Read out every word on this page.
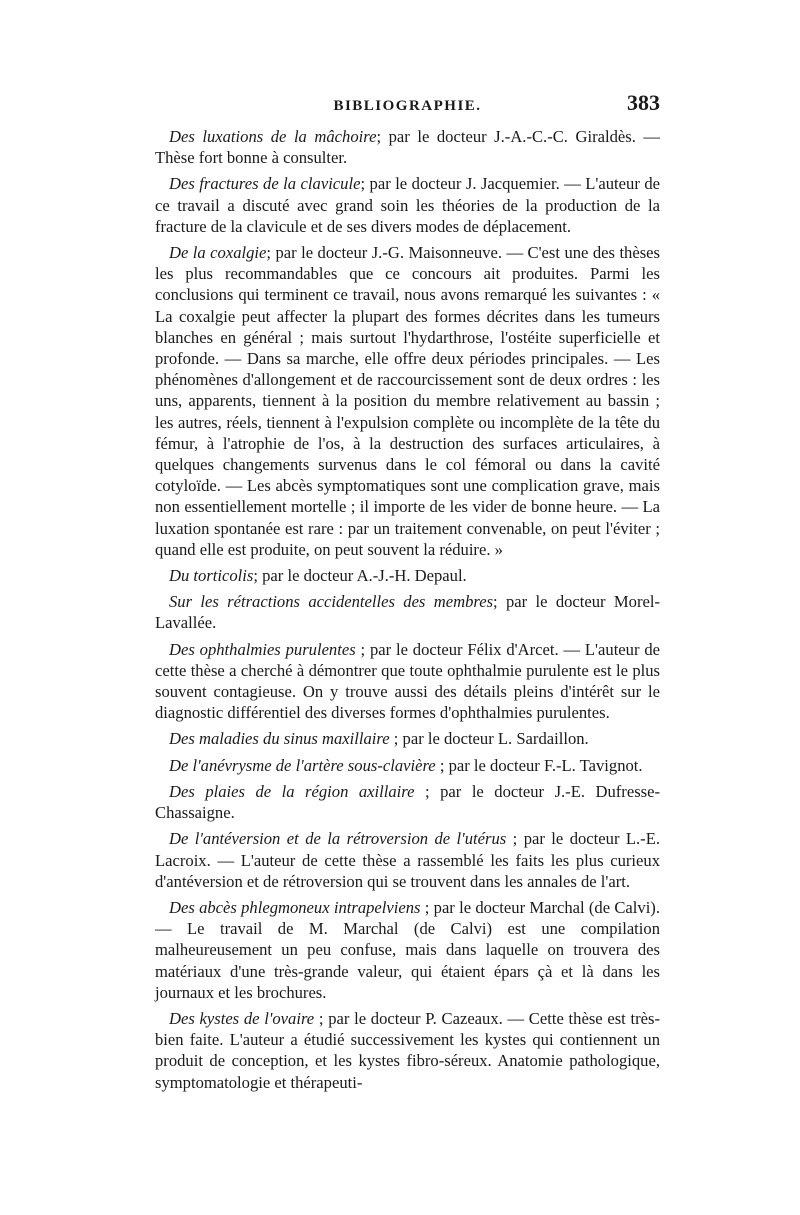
BIBLIOGRAPHIE.	383

Des luxations de la mâchoire; par le docteur J.-A.-C.-C. Giraldès. — Thèse fort bonne à consulter.

Des fractures de la clavicule; par le docteur J. Jacquemier. — L'auteur de ce travail a discuté avec grand soin les théories de la production de la fracture de la clavicule et de ses divers modes de déplacement.

De la coxalgie; par le docteur J.-G. Maisonneuve. — C'est une des thèses les plus recommandables que ce concours ait produites. Parmi les conclusions qui terminent ce travail, nous avons remarqué les suivantes : « La coxalgie peut affecter la plupart des formes décrites dans les tumeurs blanches en général ; mais surtout l'hydarthrose, l'ostéite superficielle et profonde. — Dans sa marche, elle offre deux périodes principales. — Les phénomènes d'allongement et de raccourcissement sont de deux ordres : les uns, apparents, tiennent à la position du membre relativement au bassin ; les autres, réels, tiennent à l'expulsion complète ou incomplète de la tête du fémur, à l'atrophie de l'os, à la destruction des surfaces articulaires, à quelques changements survenus dans le col fémoral ou dans la cavité cotyloïde. — Les abcès symptomatiques sont une complication grave, mais non essentiellement mortelle ; il importe de les vider de bonne heure. — La luxation spontanée est rare : par un traitement convenable, on peut l'éviter ; quand elle est produite, on peut souvent la réduire. »

Du torticolis; par le docteur A.-J.-H. Depaul.

Sur les rétractions accidentelles des membres; par le docteur Morel-Lavallée.

Des ophthalmies purulentes ; par le docteur Félix d'Arcet. — L'auteur de cette thèse a cherché à démontrer que toute ophthalmie purulente est le plus souvent contagieuse. On y trouve aussi des détails pleins d'intérêt sur le diagnostic différentiel des diverses formes d'ophthalmies purulentes.

Des maladies du sinus maxillaire ; par le docteur L. Sardaillon.

De l'anévrysme de l'artère sous-clavière ; par le docteur F.-L. Tavignot.

Des plaies de la région axillaire ; par le docteur J.-E. Dufresse-Chassaigne.

De l'antéversion et de la rétroversion de l'utérus ; par le docteur L.-E. Lacroix. — L'auteur de cette thèse a rassemblé les faits les plus curieux d'antéversion et de rétroversion qui se trouvent dans les annales de l'art.

Des abcès phlegmoneux intrapelviens ; par le docteur Marchal (de Calvi). — Le travail de M. Marchal (de Calvi) est une compilation malheureusement un peu confuse, mais dans laquelle on trouvera des matériaux d'une très-grande valeur, qui étaient épars çà et là dans les journaux et les brochures.

Des kystes de l'ovaire ; par le docteur P. Cazeaux. — Cette thèse est très-bien faite. L'auteur a étudié successivement les kystes qui contiennent un produit de conception, et les kystes fibro-séreux. Anatomie pathologique, symptomatologie et thérapeuti-
